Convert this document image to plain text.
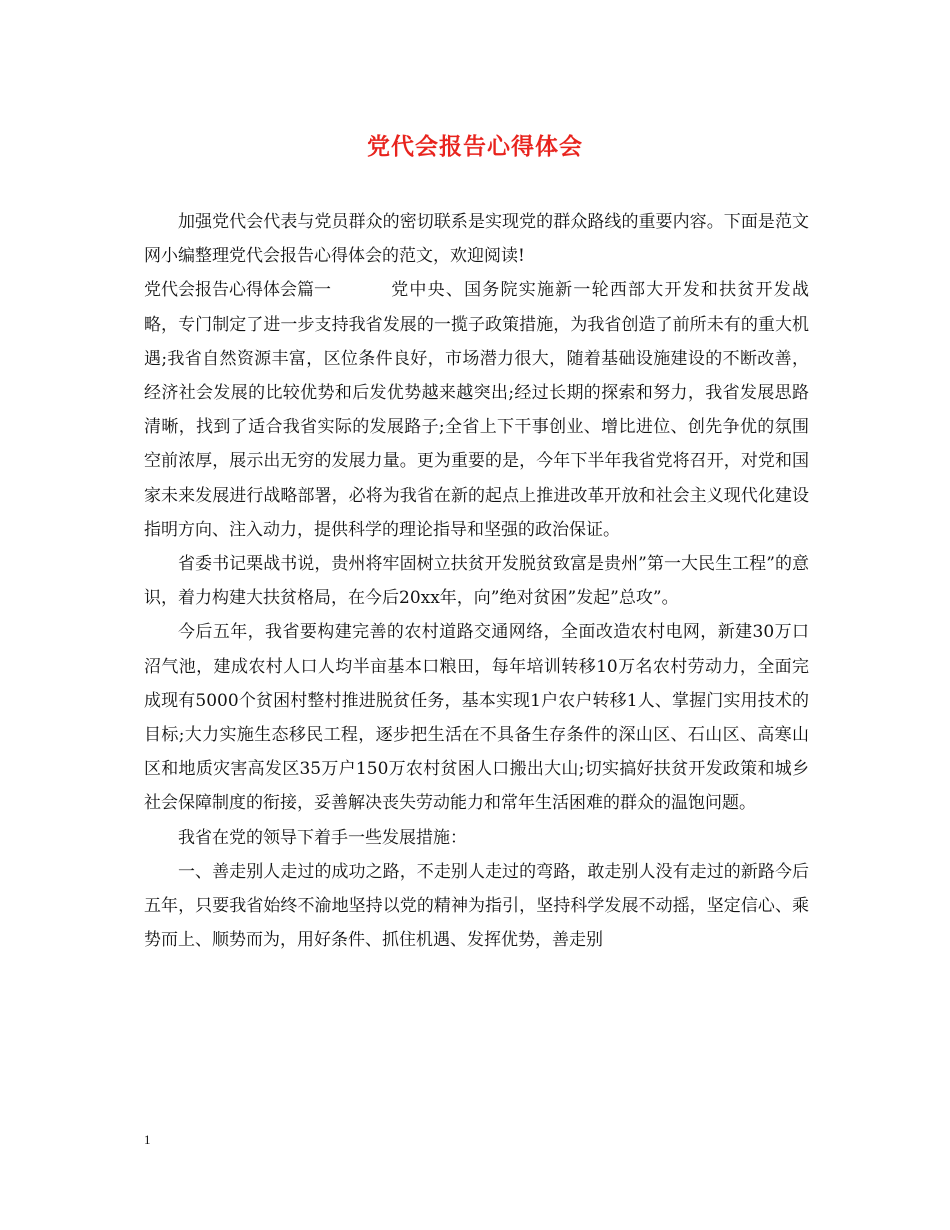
党代会报告心得体会

加强党代会代表与党员群众的密切联系是实现党的群众路线的重要内容。下面是范文网小编整理党代会报告心得体会的范文，欢迎阅读!

党代会报告心得体会篇一	党中央、国务院实施新一轮西部大开发和扶贫开发战略，专门制定了进一步支持我省发展的一揽子政策措施，为我省创造了前所未有的重大机遇;我省自然资源丰富，区位条件良好，市场潜力很大，随着基础设施建设的不断改善，经济社会发展的比较优势和后发优势越来越突出;经过长期的探索和努力，我省发展思路清晰，找到了适合我省实际的发展路子;全省上下干事创业、增比进位、创先争优的氛围空前浓厚，展示出无穷的发展力量。更为重要的是，今年下半年我省党将召开，对党和国家未来发展进行战略部署，必将为我省在新的起点上推进改革开放和社会主义现代化建设指明方向、注入动力，提供科学的理论指导和坚强的政治保证。

省委书记栗战书说，贵州将牢固树立扶贫开发脱贫致富是贵州”第一大民生工程”的意识，着力构建大扶贫格局，在今后20xx年，向”绝对贫困”发起”总攻”。

今后五年，我省要构建完善的农村道路交通网络，全面改造农村电网，新建30万口沼气池，建成农村人口人均半亩基本口粮田，每年培训转移10万名农村劳动力，全面完成现有5000个贫困村整村推进脱贫任务，基本实现1户农户转移1人、掌握门实用技术的目标;大力实施生态移民工程，逐步把生活在不具备生存条件的深山区、石山区、高寒山区和地质灾害高发区35万户150万农村贫困人口搬出大山;切实搞好扶贫开发政策和城乡社会保障制度的衔接，妥善解决丧失劳动能力和常年生活困难的群众的温饱问题。

我省在党的领导下着手一些发展措施：

一、善走别人走过的成功之路，不走别人走过的弯路，敢走别人没有走过的新路今后五年，只要我省始终不渝地坚持以党的精神为指引，坚持科学发展不动摇，坚定信心、乘势而上、顺势而为，用好条件、抓住机遇、发挥优势，善走别

1
